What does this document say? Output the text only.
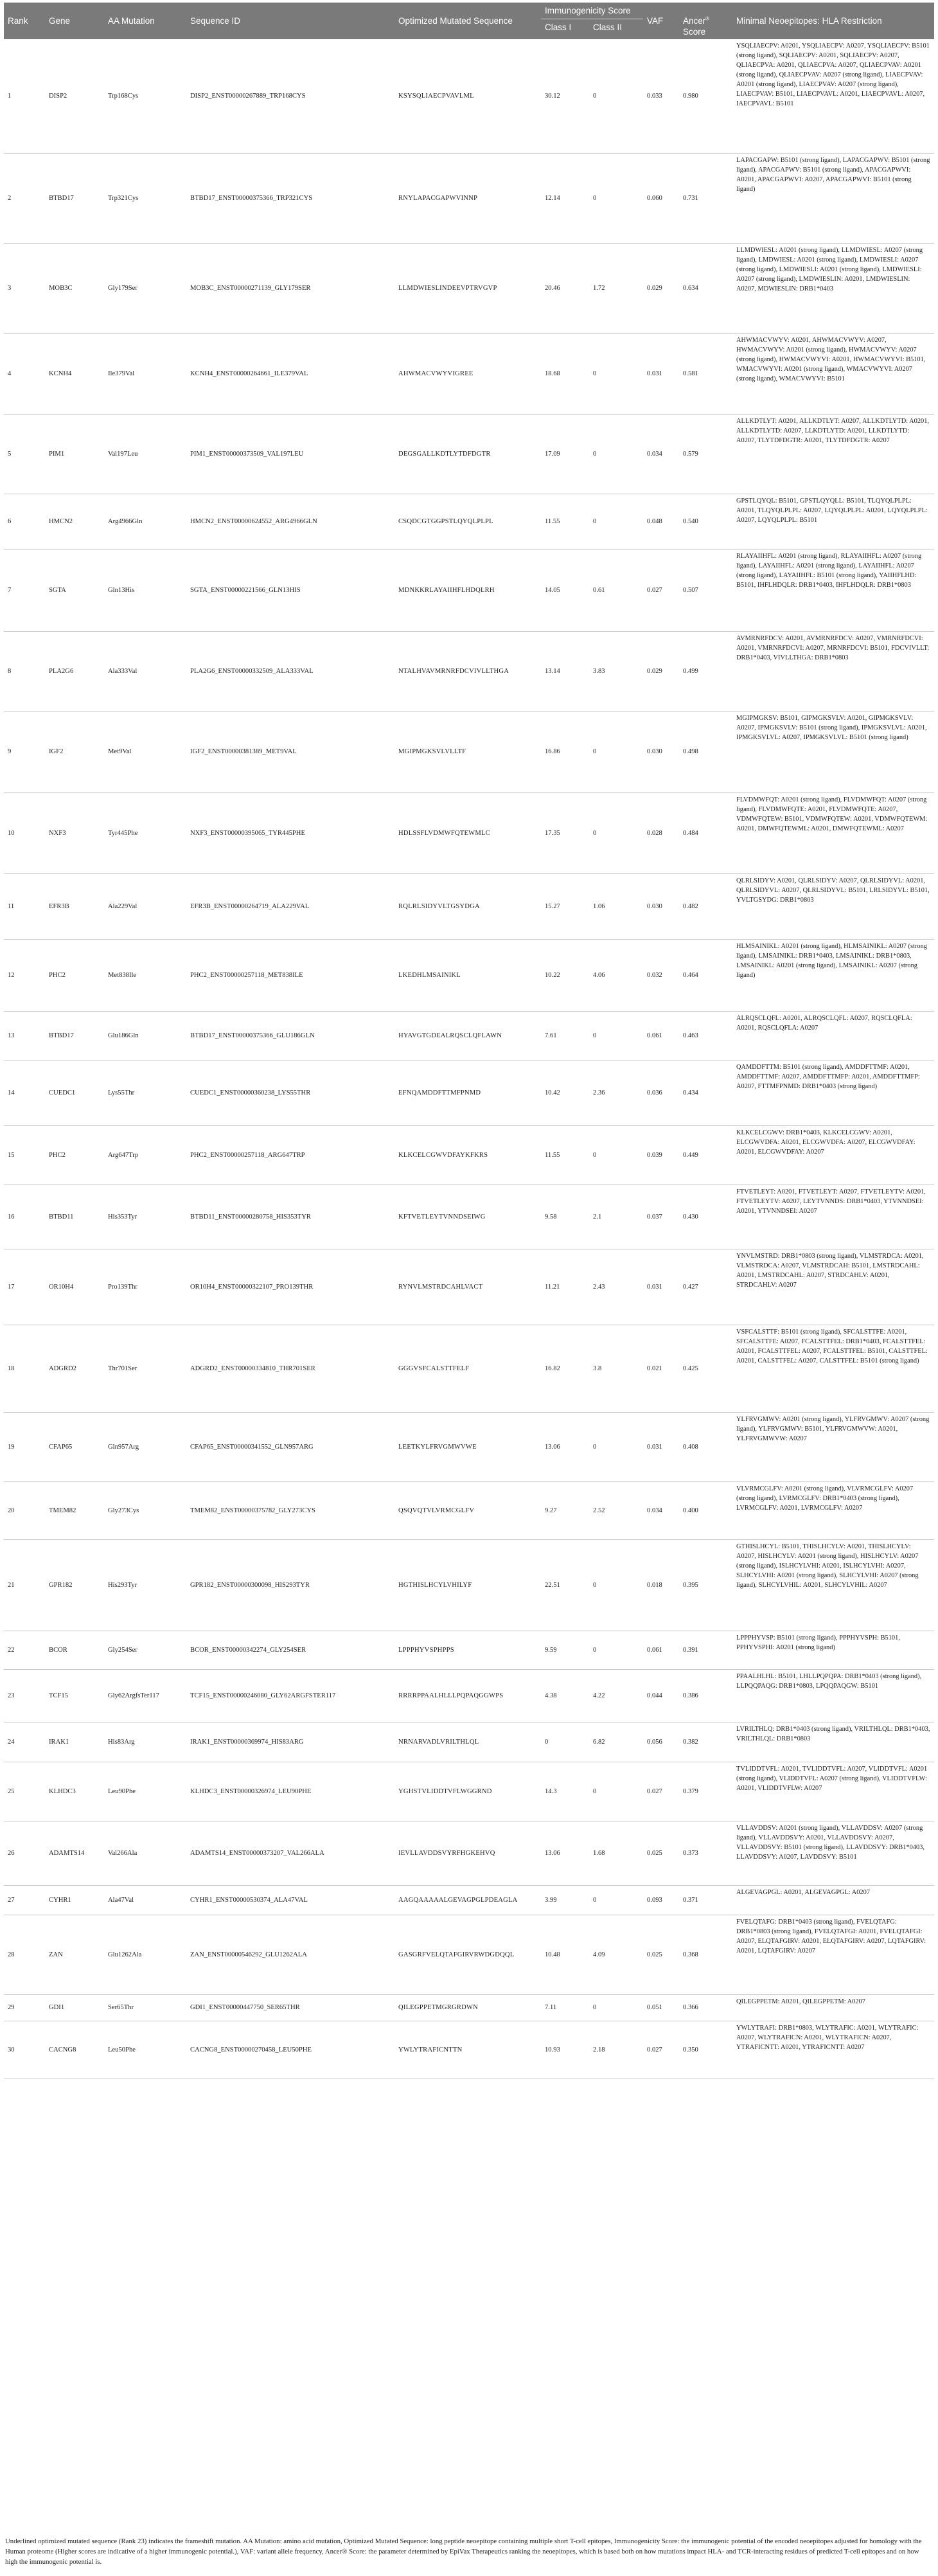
Rank	Gene	AA Mutation	Sequence ID	Optimized Mutated Sequence	Immunogenicity Score		VAF	Ancer® Score	Minimal Neoepitopes: HLA Restriction
					Class I	Class II			
1	DISP2	Trp168Cys	DISP2_ENST00000267889_TRP168CYS	KSYSQLIAECPVAVLML	30.12	0	0.033	0.980	YSQLIAECPV: A0201, YSQLIAECPV: A0207, YSQLIAECPV: B5101 (strong ligand), SQLIAECPV: A0201, SQLIAECPV: A0207, QLIAECPVA: A0201, QLIAECPVA: A0207, QLIAECPVAV: A0201 (strong ligand), QLIAECPVAV: A0207 (strong ligand), LIAECPVAV: A0201 (strong ligand), LIAECPVAV: A0207 (strong ligand), LIAECPVAV: B5101, LIAECPVAVL: A0201, LIAECPVAVL: A0207, IAECPVAVL: B5101
2	BTBD17	Trp321Cys	BTBD17_ENST00000375366_TRP321CYS	RNYLAPACGAPWVINNP	12.14	0	0.060	0.731	LAPACGAPW: B5101 (strong ligand), LAPACGAPWV: B5101 (strong ligand), APACGAPWV: B5101 (strong ligand), APACGAPWVI: A0201, APACGAPWVI: A0207, APACGAPWVI: B5101 (strong ligand)
3	MOB3C	Gly179Ser	MOB3C_ENST00000271139_GLY179SER	LLMDWIESLINDEEVPTRVGVP	20.46	1.72	0.029	0.634	LLMDWIESL: A0201 (strong ligand), LLMDWIESL: A0207 (strong ligand), LMDWIESL: A0201 (strong ligand), LMDWIESLI: A0207 (strong ligand), LMDWIESLI: A0201 (strong ligand), LMDWIESLI: A0207 (strong ligand), LMDWIESLIN: A0201, LMDWIESLIN: A0207, MDWIESLIN: DRB1*0403
4	KCNH4	Ile379Val	KCNH4_ENST00000264661_ILE379VAL	AHWMACVWYVIGREE	18.68	0	0.031	0.581	AHWMACVWYV: A0201, AHWMACVWYV: A0207, HWMACVWYV: A0201 (strong ligand), HWMACVWYV: A0207 (strong ligand), HWMACVWYVI: A0201, HWMACVWYVI: B5101, WMACVWYVI: A0201 (strong ligand), WMACVWYVI: A0207 (strong ligand), WMACVWYVI: B5101
5	PIM1	Val197Leu	PIM1_ENST00000373509_VAL197LEU	DEGSGALLKDTLYTDFDGTR	17.09	0	0.034	0.579	ALLKDTLYT: A0201, ALLKDTLYT: A0207, ALLKDTLYTD: A0201, ALLKDTLYTD: A0207, LLKDTLYTD: A0201, LLKDTLYTD: A0207, TLYTDFDGTR: A0201, TLYTDFDGTR: A0207
6	HMCN2	Arg4966Gln	HMCN2_ENST00000624552_ARG4966GLN	CSQDCGTGGPSTLQYQLPLPL	11.55	0	0.048	0.540	GPSTLQYQL: B5101, GPSTLQYQLL: B5101, TLQYQLPLPL: A0201, TLQYQLPLPL: A0207, LQYQLPLPL: A0201, LQYQLPLPL: A0207, LQYQLPLPL: B5101
7	SGTA	Gln13His	SGTA_ENST00000221566_GLN13HIS	MDNKKRLAYAIIHFLHDQLRH	14.05	0.61	0.027	0.507	RLAYAIIHFL: A0201 (strong ligand), RLAYAIIHFL: A0207 (strong ligand), LAYAIIHFL: A0201 (strong ligand), LAYAIIHFL: A0207 (strong ligand), LAYAIIHFL: B5101 (strong ligand), YAIIHFLHD: B5101, IHFLHDQLR: DRB1*0403, IHFLHDQLR: DRB1*0803
8	PLA2G6	Ala333Val	PLA2G6_ENST00000332509_ALA333VAL	NTALHVAVMRNRFDCVIVLLTHGA	13.14	3.83	0.029	0.499	AVMRNRFDCV: A0201, AVMRNRFDCV: A0207, VMRNRFDCVI: A0201, VMRNRFDCVI: A0207, MRNRFDCVI: B5101, FDCVIVLLT: DRB1*0403, VIVLLTHGA: DRB1*0803
9	IGF2	Met9Val	IGF2_ENST00000381389_MET9VAL	MGIPMGKSVLVLLTF	16.86	0	0.030	0.498	MGIPMGKSV: B5101, GIPMGKSVLV: A0201, GIPMGKSVLV: A0207, IPMGKSVLV: B5101 (strong ligand), IPMGKSVLVL: A0201, IPMGKSVLVL: A0207, IPMGKSVLVL: B5101 (strong ligand)
10	NXF3	Tyr445Phe	NXF3_ENST00000395065_TYR445PHE	HDLSSFLVDMWFQTEWMLC	17.35	0	0.028	0.484	FLVDMWFQT: A0201 (strong ligand), FLVDMWFQT: A0207 (strong ligand), FLVDMWFQTE: A0201, FLVDMWFQTE: A0207, VDMWFQTEW: B5101, VDMWFQTEW: A0201, VDMWFQTEWM: A0201, DMWFQTEWML: A0201, DMWFQTEWML: A0207
11	EFR3B	Ala229Val	EFR3B_ENST00000264719_ALA229VAL	RQLRLSIDYVLTGSYDGA	15.27	1.06	0.030	0.482	QLRLSIDYV: A0201, QLRLSIDYV: A0207, QLRLSIDYVL: A0201, QLRLSIDYVL: A0207, QLRLSIDYVL: B5101, LRLSIDYVL: B5101, YVLTGSYDG: DRB1*0803
12	PHC2	Met838Ile	PHC2_ENST00000257118_MET838ILE	LKEDHLMSAINIKL	10.22	4.06	0.032	0.464	HLMSAINIKL: A0201 (strong ligand), HLMSAINIKL: A0207 (strong ligand), LMSAINIKL: DRB1*0403, LMSAINIKL: DRB1*0803, LMSAINIKL: A0201 (strong ligand), LMSAINIKL: A0207 (strong ligand)
13	BTBD17	Glu186Gln	BTBD17_ENST00000375366_GLU186GLN	HYAVGTGDEALRQSCLQFLAWN	7.61	0	0.061	0.463	ALRQSCLQFL: A0201, ALRQSCLQFL: A0207, RQSCLQFLA: A0201, RQSCLQFLA: A0207
14	CUEDC1	Lys55Thr	CUEDC1_ENST00000360238_LYS55THR	EFNQAMDDFTTMFPNMD	10.42	2.36	0.036	0.434	QAMDDFTTM: B5101 (strong ligand), AMDDFTTMF: A0201, AMDDFTTMF: A0207, AMDDFTTMFP: A0201, AMDDFTTMFP: A0207, FTTMFPNMD: DRB1*0403 (strong ligand)
15	PHC2	Arg647Trp	PHC2_ENST00000257118_ARG647TRP	KLKCELCGWVDFAYKFKRS	11.55	0	0.039	0.449	KLKCELCGWV: DRB1*0403, KLKCELCGWV: A0201, ELCGWVDFA: A0201, ELCGWVDFA: A0207, ELCGWVDFAY: A0201, ELCGWVDFAY: A0207
16	BTBD11	His353Tyr	BTBD11_ENST00000280758_HIS353TYR	KFTVETLEYTVNNDSEIWG	9.58	2.1	0.037	0.430	FTVETLEYT: A0201, FTVETLEYT: A0207, FTVETLEYTV: A0201, FTVETLEYTV: A0207, LEYTVNNDS: DRB1*0403, YTVNNDSEI: A0201, YTVNNDSEI: A0207
17	OR10H4	Pro139Thr	OR10H4_ENST00000322107_PRO139THR	RYNVLMSTRDCAHLVACT	11.21	2.43	0.031	0.427	YNVLMSTRD: DRB1*0803 (strong ligand), VLMSTRDCA: A0201, VLMSTRDCA: A0207, VLMSTRDCAH: B5101, LMSTRDCAHL: A0201, LMSTRDCAHL: A0207, STRDCAHLV: A0201, STRDCAHLV: A0207
18	ADGRD2	Thr701Ser	ADGRD2_ENST00000334810_THR701SER	GGGVSFCALSTTFELF	16.82	3.8	0.021	0.425	VSFCALSTTF: B5101 (strong ligand), SFCALSTTFE: A0201, SFCALSTTFE: A0207, FCALSTTFEL: DRB1*0403, FCALSTTFEL: A0201, FCALSTTFEL: A0207, FCALSTTFEL: B5101, CALSTTFEL: A0201, CALSTTFEL: A0207, CALSTTFEL: B5101 (strong ligand)
19	CFAP65	Gln957Arg	CFAP65_ENST00000341552_GLN957ARG	LEETKYLFRVGMWVWE	13.06	0	0.031	0.408	YLFRVGMWV: A0201 (strong ligand), YLFRVGMWV: A0207 (strong ligand), YLFRVGMWV: B5101, YLFRVGMWVW: A0201, YLFRVGMWVW: A0207
20	TMEM82	Gly273Cys	TMEM82_ENST00000375782_GLY273CYS	QSQVQTVLVRMCGLFV	9.27	2.52	0.034	0.400	VLVRMCGLFV: A0201 (strong ligand), VLVRMCGLFV: A0207 (strong ligand), LVRMCGLFV: DRB1*0403 (strong ligand), LVRMCGLFV: A0201, LVRMCGLFV: A0207
21	GPR182	His293Tyr	GPR182_ENST00000300098_HIS293TYR	HGTHISLHCYLVHILYF	22.51	0	0.018	0.395	GTHISLHCYL: B5101, THISLHCYLV: A0201, THISLHCYLV: A0207, HISLHCYLV: A0201 (strong ligand), HISLHCYLV: A0207 (strong ligand), ISLHCYLVHI: A0201, ISLHCYLVHI: A0207, SLHCYLVHI: A0201 (strong ligand), SLHCYLVHI: A0207 (strong ligand), SLHCYLVHIL: A0201, SLHCYLVHIL: A0207
22	BCOR	Gly254Ser	BCOR_ENST00000342274_GLY254SER	LPPPHYVSPHPPS	9.59	0	0.061	0.391	LPPPHYVSP: B5101 (strong ligand), PPPHYVSPH: B5101, PPHYVSPHI: A0201 (strong ligand)
23	TCF15	Gly62ArgfsTer117	TCF15_ENST00000246080_GLY62ARGFSTER117	RRRRPPAALHLLLPQPAQGGWPS	4.38	4.22	0.044	0.386	PPAALHLHL: B5101, LHLLPQPQPA: DRB1*0403 (strong ligand), LLPQQPAQG: DRB1*0803, LPQQPAQGW: B5101
24	IRAK1	His83Arg	IRAK1_ENST00000369974_HIS83ARG	NRNARVADLVRILTHLQL	0	6.82	0.056	0.382	LVRILTHLQ: DRB1*0403 (strong ligand), VRILTHLQL: DRB1*0403, VRILTHLQL: DRB1*0803
25	KLHDC3	Leu90Phe	KLHDC3_ENST00000326974_LEU90PHE	YGHSTVLIDDTVFLWGGRND	14.3	0	0.027	0.379	TVLIDDTVFL: A0201, TVLIDDTVFL: A0207, VLIDDTVFL: A0201 (strong ligand), VLIDDTVFL: A0207 (strong ligand), VLIDDTVFLW: A0201, VLIDDTVFLW: A0207
26	ADAMTS14	Val266Ala	ADAMTS14_ENST00000373207_VAL266ALA	IEVLLAVDDSVYRFHGKEHVQ	13.06	1.68	0.025	0.373	VLLAVDDSV: A0201 (strong ligand), VLLAVDDSV: A0207 (strong ligand), VLLAVDDSVY: A0201, VLLAVDDSVY: A0207, VLLAVDDSVY: B5101 (strong ligand), LLAVDDSVY: DRB1*0403, LLAVDDSVY: A0207, LAVDDSVY: B5101
27	CYHR1	Ala47Val	CYHR1_ENST00000530374_ALA47VAL	AAGQAAAAALGEVAGPGLPDEAGLA	3.99	0	0.093	0.371	ALGEVAGPGL: A0201, ALGEVAGPGL: A0207
28	ZAN	Glu1262Ala	ZAN_ENST00000546292_GLU1262ALA	GASGRFVELQTAFGIRVRWDGDQQL	10.48	4.09	0.025	0.368	FVELQTAFG: DRB1*0403 (strong ligand), FVELQTAFG: DRB1*0803 (strong ligand), FVELQTAFGI: A0201, FVELQTAFGI: A0207, ELQTAFGIRV: A0201, ELQTAFGIRV: A0207, LQTAFGIRV: A0201, LQTAFGIRV: A0207
29	GDI1	Ser65Thr	GDI1_ENST00000447750_SER65THR	QILEGPPETMGRGRDWN	7.11	0	0.051	0.366	QILEGPPETM: A0201, QILEGPPETM: A0207
30	CACNG8	Leu50Phe	CACNG8_ENST00000270458_LEU50PHE	YWLYTRAFICNTTN	10.93	2.18	0.027	0.350	YWLYTRAFI: DRB1*0803, WLYTRAFIC: A0201, WLYTRAFIC: A0207, WLYTRAFICN: A0201, WLYTRAFICN: A0207, YTRAFICNTT: A0201, YTRAFICNTT: A0207
Underlined optimized mutated sequence (Rank 23) indicates the frameshift mutation. AA Mutation: amino acid mutation, Optimized Mutated Sequence: long peptide neoepitope containing multiple short T-cell epitopes, Immunogenicity Score: the immunogenic potential of the encoded neoepitopes adjusted for homology with the Human proteome (Higher scores are indicative of a higher immunogenic potential.), VAF: variant allele frequency, Ancer® Score: the parameter determined by EpiVax Therapeutics ranking the neoepitopes, which is based both on how mutations impact HLA- and TCR-interacting residues of predicted T-cell epitopes and on how high the immunogenic potential is.
